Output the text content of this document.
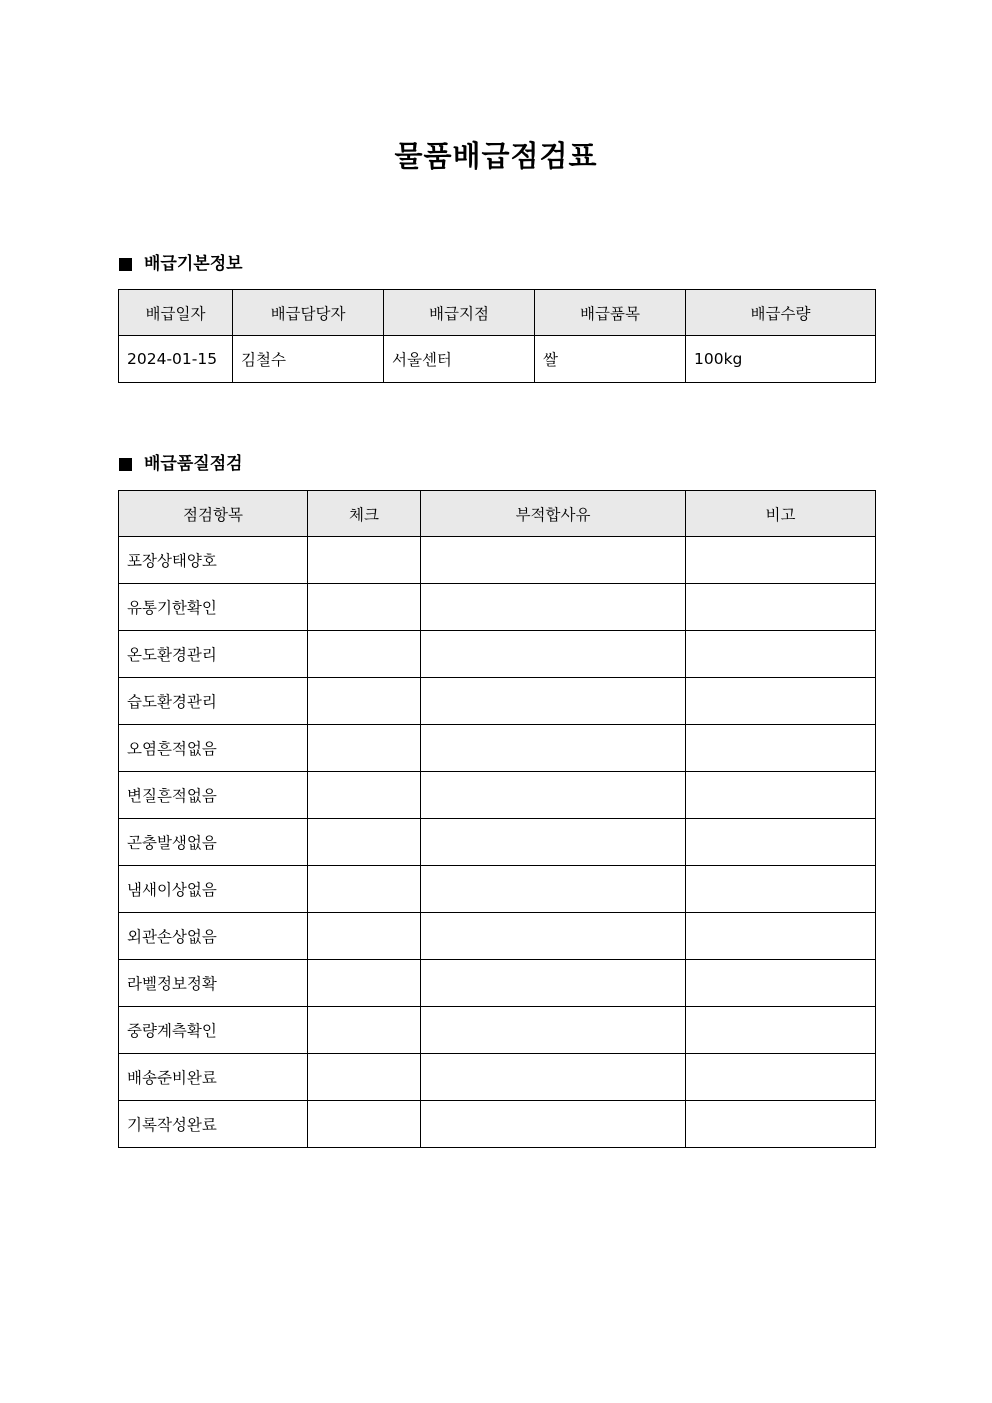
물품배급점검표
배급기본정보
배급일자	배급담당자	배급지점	배급품목	배급수량
2024-01-15	김철수	서울센터	쌀	100kg
배급품질점검
점검항목	체크	부적합사유	비고
포장상태양호			
유통기한확인			
온도환경관리			
습도환경관리			
오염흔적없음			
변질흔적없음			
곤충발생없음			
냄새이상없음			
외관손상없음			
라벨정보정확			
중량계측확인			
배송준비완료			
기록작성완료			
